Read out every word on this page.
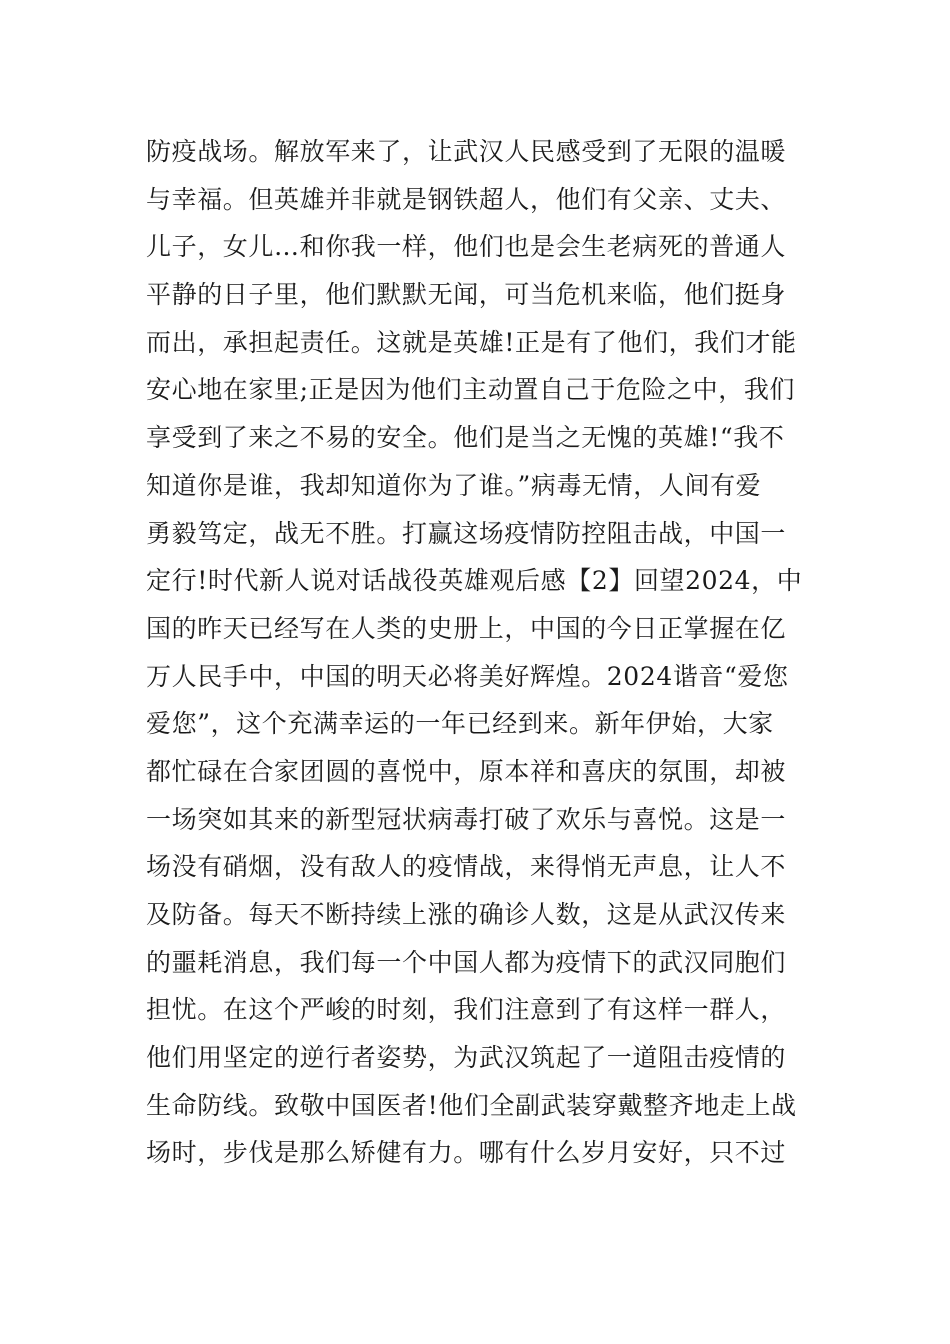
防疫战场。解放军来了，让武汉人民感受到了无限的温暖
与幸福。但英雄并非就是钢铁超人，他们有父亲、丈夫、
儿子，女儿…和你我一样，他们也是会生老病死的普通人
平静的日子里，他们默默无闻，可当危机来临，他们挺身
而出，承担起责任。这就是英雄!正是有了他们，我们才能
安心地在家里;正是因为他们主动置自己于危险之中，我们
享受到了来之不易的安全。他们是当之无愧的英雄!“我不
知道你是谁，我却知道你为了谁。”病毒无情，人间有爱
勇毅笃定，战无不胜。打赢这场疫情防控阻击战，中国一
定行!时代新人说对话战役英雄观后感【2】回望2024，中
国的昨天已经写在人类的史册上，中国的今日正掌握在亿
万人民手中，中国的明天必将美好辉煌。2024谐音“爱您
爱您”，这个充满幸运的一年已经到来。新年伊始，大家
都忙碌在合家团圆的喜悦中，原本祥和喜庆的氛围，却被
一场突如其来的新型冠状病毒打破了欢乐与喜悦。这是一
场没有硝烟，没有敌人的疫情战，来得悄无声息，让人不
及防备。每天不断持续上涨的确诊人数，这是从武汉传来
的噩耗消息，我们每一个中国人都为疫情下的武汉同胞们
担忧。在这个严峻的时刻，我们注意到了有这样一群人，
他们用坚定的逆行者姿势，为武汉筑起了一道阻击疫情的
生命防线。致敬中国医者!他们全副武装穿戴整齐地走上战
场时，步伐是那么矫健有力。哪有什么岁月安好，只不过
